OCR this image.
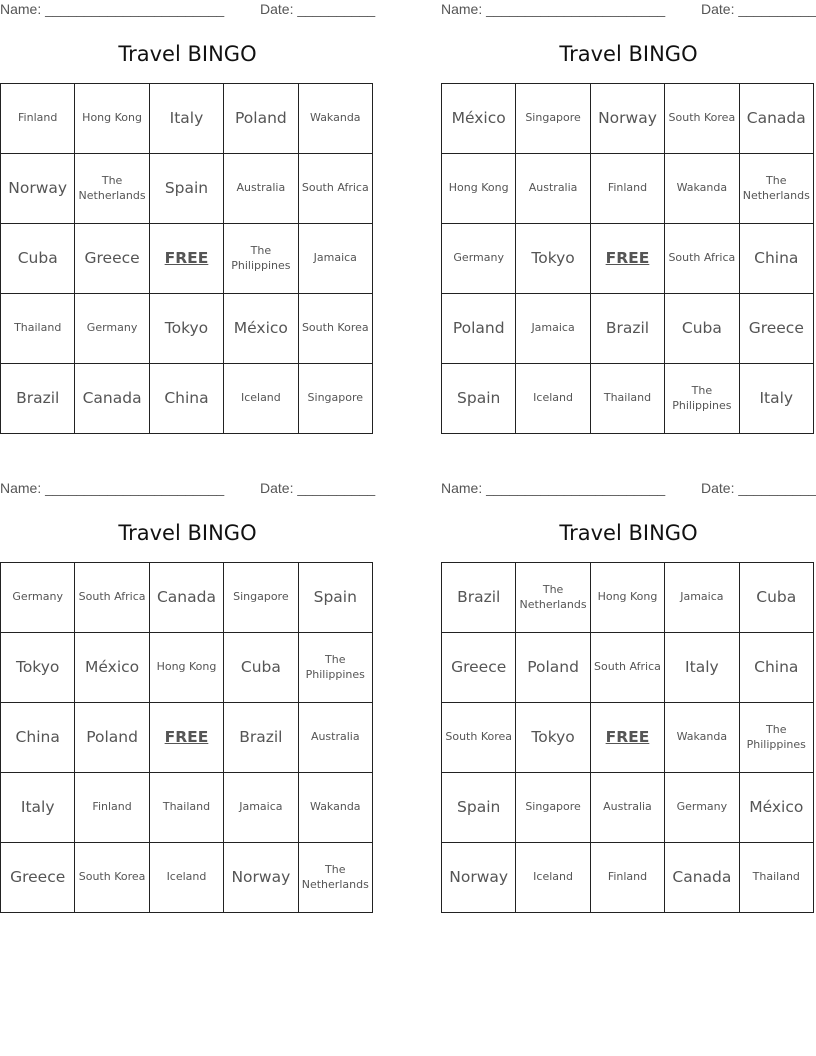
Name: _______________________	Date: __________
Travel BINGO
Finland	Hong Kong	Italy	Poland	Wakanda
Norway	The Netherlands	Spain	Australia	South Africa
Cuba	Greece	FREE	The Philippines	Jamaica
Thailand	Germany	Tokyo	México	South Korea
Brazil	Canada	China	Iceland	Singapore
Name: _______________________	Date: __________
Travel BINGO
México	Singapore	Norway	South Korea	Canada
Hong Kong	Australia	Finland	Wakanda	The Netherlands
Germany	Tokyo	FREE	South Africa	China
Poland	Jamaica	Brazil	Cuba	Greece
Spain	Iceland	Thailand	The Philippines	Italy
Name: _______________________	Date: __________
Travel BINGO
Germany	South Africa	Canada	Singapore	Spain
Tokyo	México	Hong Kong	Cuba	The Philippines
China	Poland	FREE	Brazil	Australia
Italy	Finland	Thailand	Jamaica	Wakanda
Greece	South Korea	Iceland	Norway	The Netherlands
Name: _______________________	Date: __________
Travel BINGO
Brazil	The Netherlands	Hong Kong	Jamaica	Cuba
Greece	Poland	South Africa	Italy	China
South Korea	Tokyo	FREE	Wakanda	The Philippines
Spain	Singapore	Australia	Germany	México
Norway	Iceland	Finland	Canada	Thailand
